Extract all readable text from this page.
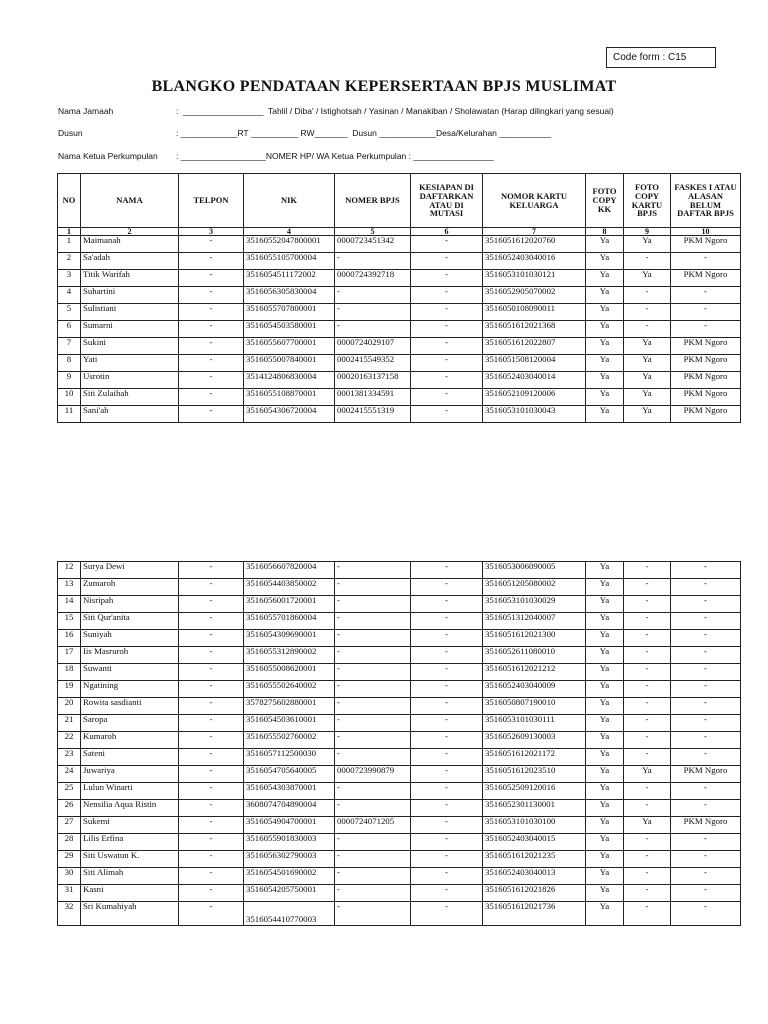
Code form : C15
BLANGKO PENDATAAN KEPERSERTAAN BPJS MUSLIMAT
Nama Jamaah	:  _________________  Tahlil / Diba' / Istighotsah / Yasinan / Manakiban / Sholawatan (Harap dilingkari yang sesuai)
Dusun	: ____________RT __________ RW_______  Dusun ____________Desa/Kelurahan ___________
Nama Ketua Perkumpulan : __________________NOMER HP/ WA Ketua Perkumpulan : _________________
NO	NAMA	TELPON	NIK	NOMER BPJS	KESIAPAN DI DAFTARKAN ATAU DI MUTASI	NOMOR KARTU KELUARGA	FOTO COPY KK	FOTO COPY KARTU BPJS	FASKES I ATAU ALASAN BELUM DAFTAR BPJS
1	2	3	4	5	6	7	8	9	10
1	Maimanah	-	35160552047800001	0000723451342	-	3516051612020760	Ya	Ya	PKM Ngoro
2	Sa'adah	-	3516055105700004	-	-	3516052403040016	Ya	-	-
3	Titik Warifah	-	3516054511172002	0000724392718	-	3516053101030121	Ya	Ya	PKM Ngoro
4	Suhartini	-	3516056305830004	-	-	3516052905070002	Ya	-	-
5	Sulistiani	-	3516055707800001	-	-	3516050108090011	Ya	-	-
6	Sumarni	-	3516054503580001	-	-	3516051612021368	Ya	-	-
7	Sukini	-	3516055607700001	0000724029107	-	3516051612022807	Ya	Ya	PKM Ngoro
8	Yati	-	3516055007840001	0002415549352	-	3516051508120004	Ya	Ya	PKM Ngoro
9	Usrotin	-	3514124806830004	00020163137158	-	3516052403040014	Ya	Ya	PKM Ngoro
10	Siti Zulaihah	-	3516055108870001	0001381334591	-	3516052109120006	Ya	Ya	PKM Ngoro
11	Sani'ah	-	3516054306720004	0002415551319	-	3516053101030043	Ya	Ya	PKM Ngoro
12	Surya Dewi	-	3516056607820004	-	-	3516053006090005	Ya	-	-
13	Zumaroh	-	3516054403850002	-	-	3516051205080002	Ya	-	-
14	Nisripah	-	3516056001720001	-	-	3516053101030029	Ya	-	-
15	Siti Qur'anita	-	3516055701860004	-	-	3516051312040007	Ya	-	-
16	Suniyah	-	3516054309690001	-	-	3516051612021300	Ya	-	-
17	Iis Masruroh	-	3516055312890002	-	-	3516052611080010	Ya	-	-
18	Suwanti	-	3516055008620001	-	-	3516051612021212	Ya	-	-
19	Ngatining	-	3516055502640002	-	-	3516052403040009	Ya	-	-
20	Rowita sasdianti	-	3578275602880001	-	-	3516050807190010	Ya	-	-
21	Saropa	-	3516054503610001	-	-	3516053101030111	Ya	-	-
22	Kumaroh	-	3516055502760002	-	-	3516052609130003	Ya	-	-
23	Sateni	-	3516057112500030	-	-	3516051612021172	Ya	-	-
24	Juwariya	-	3516054705640005	0000723990879	-	3516051612023510	Ya	Ya	PKM Ngoro
25	Lulun Winarti	-	3516054303870001	-	-	3516052509120016	Ya	-	-
26	Nensilia Aqua Ristin	-	3608074704890004	-	-	3516052301130001	Ya	-	-
27	Sukemi	-	3516054904700001	0000724071205	-	3516053101030100	Ya	Ya	PKM Ngoro
28	Lilis Erfina	-	3516055901830003	-	-	3516052403040015	Ya	-	-
29	Siti Uswatun K.	-	3516056302790003	-	-	3516051612021235	Ya	-	-
30	Siti Alimah	-	3516054501690002	-	-	3516052403040013	Ya	-	-
31	Kasni	-	3516054205750001	-	-	3516051612021826	Ya	-	-
32	Sri Kumahiyah	-	3516054410770003	-	-	3516051612021736	Ya	-	-
